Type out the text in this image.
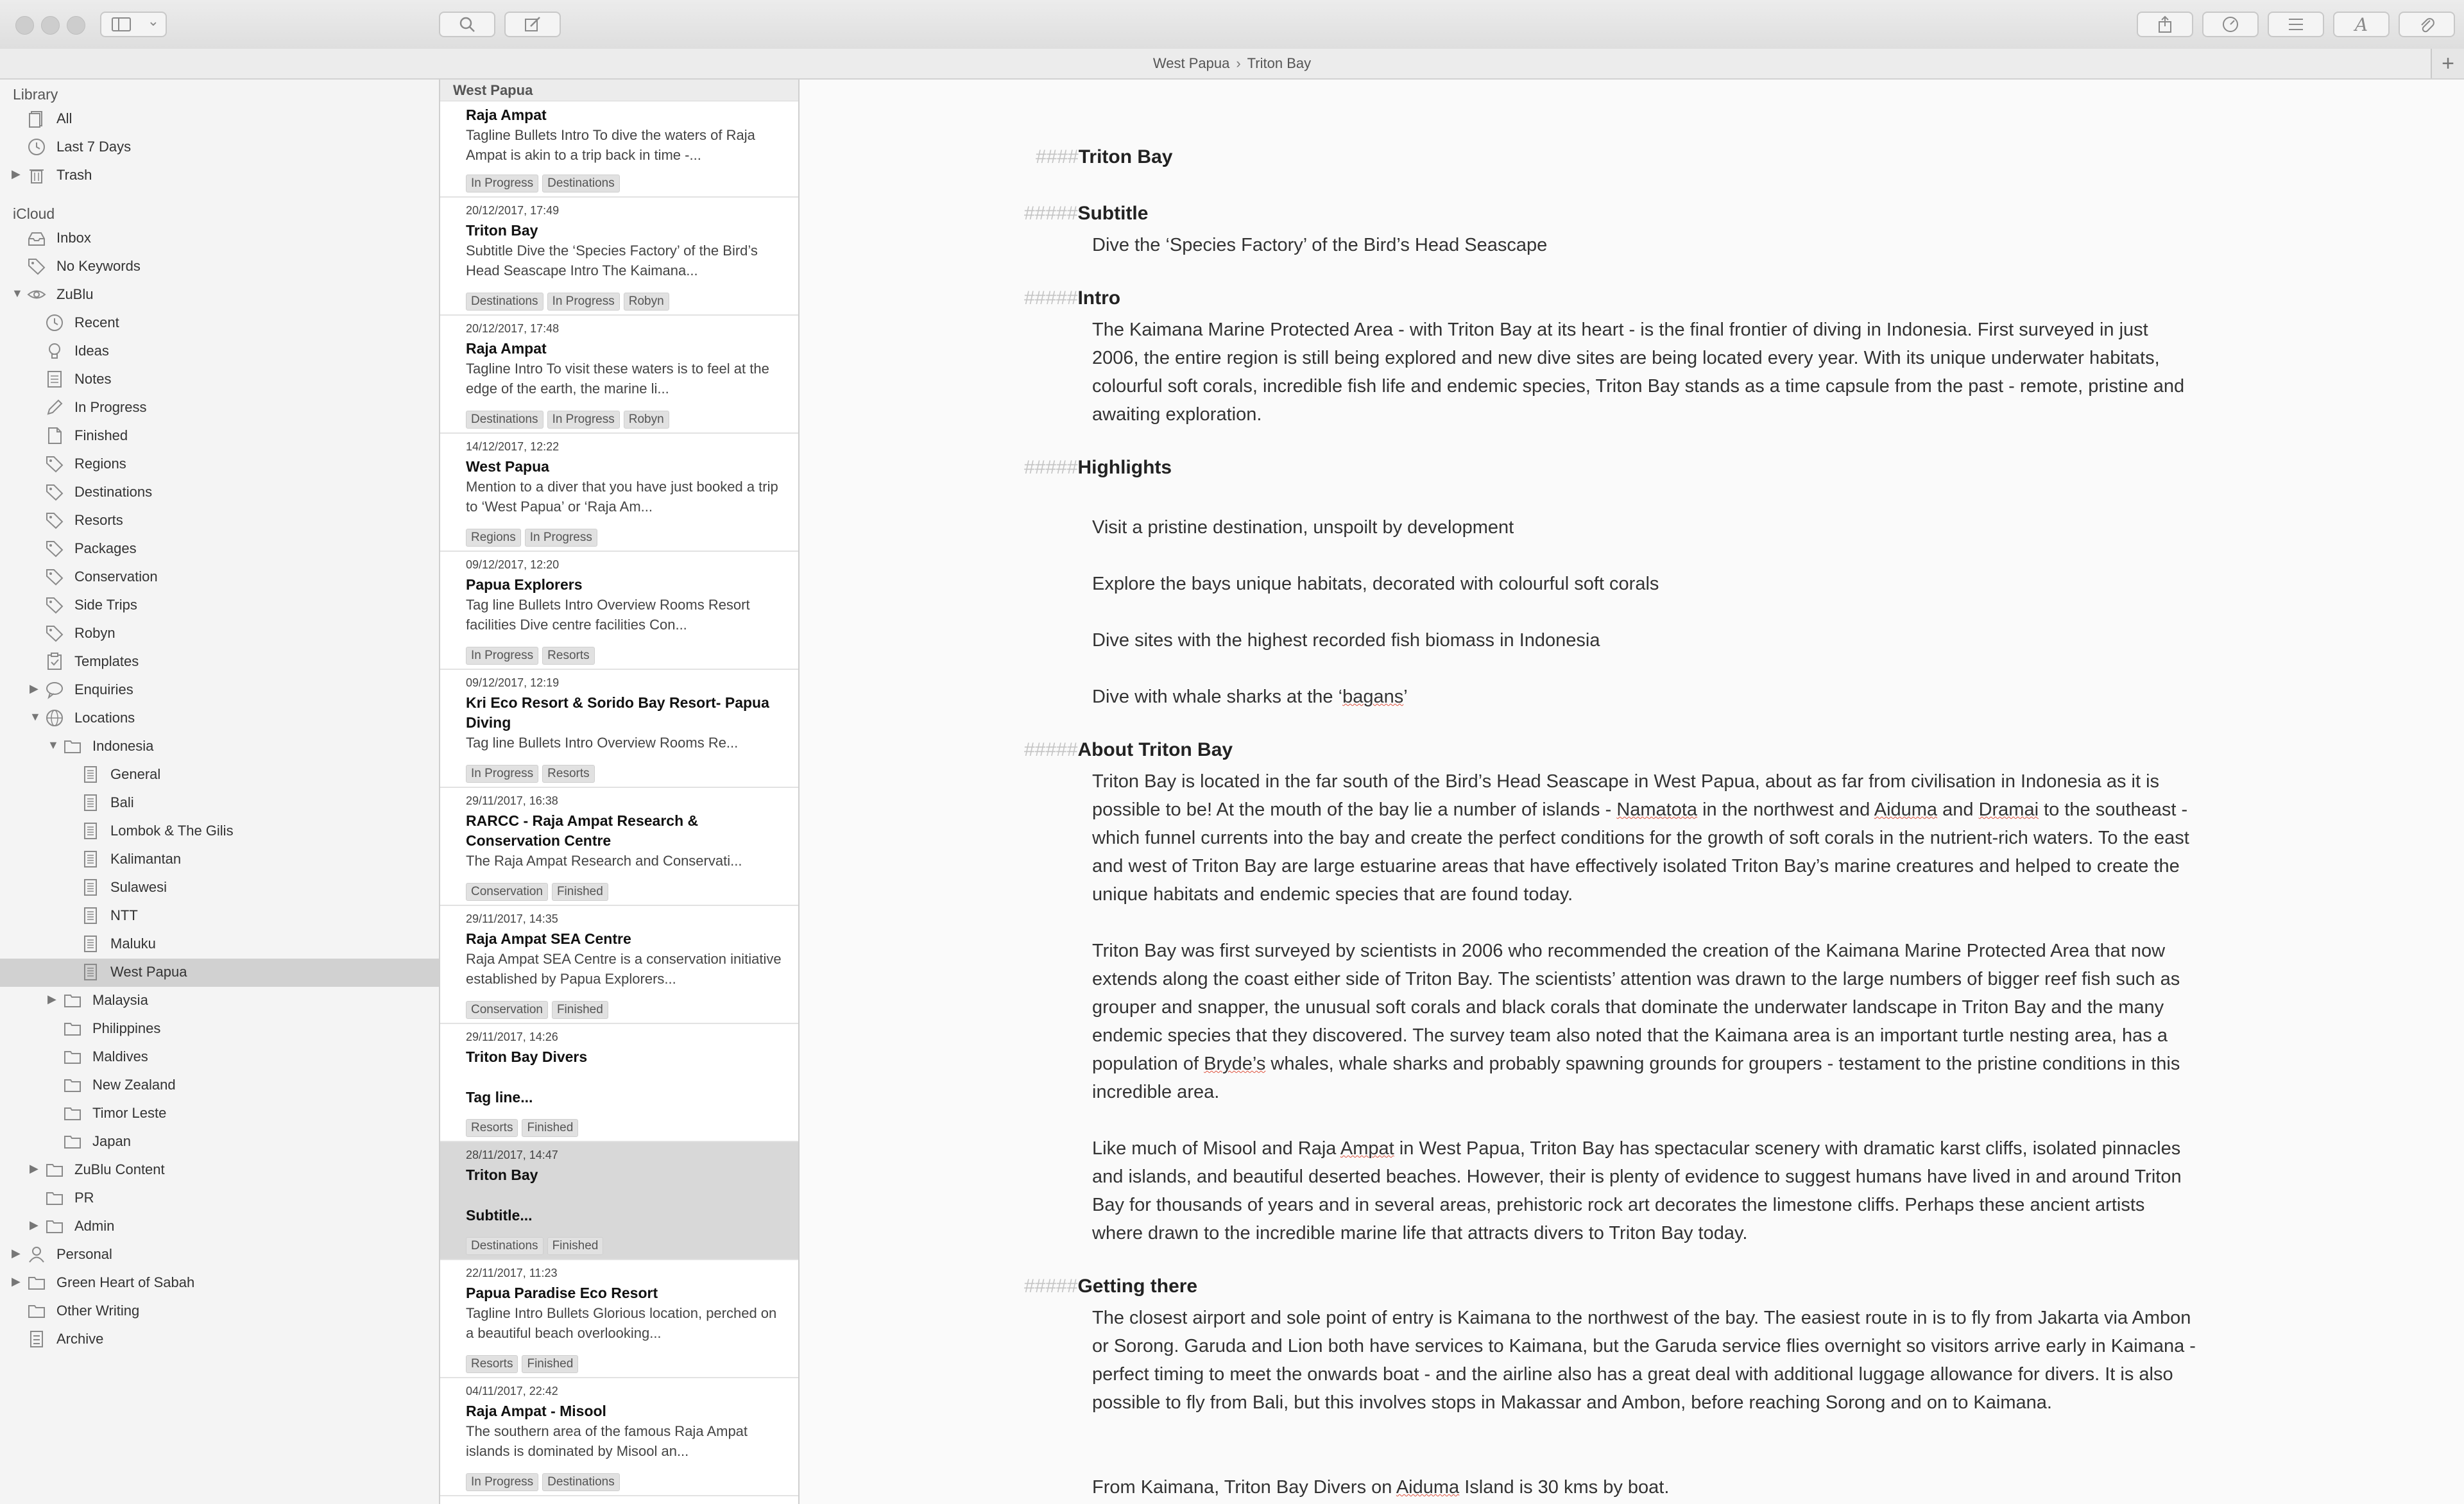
⌄	A
West Papua › Triton Bay	+
Library
iCloud
All
Last 7 Days
▶	Trash
Inbox
No Keywords
▼ ZuBlu
Recent
Ideas
Notes
In Progress
Finished
Regions
Destinations
Resorts
Packages
Conservation
Side Trips
Robyn
Templates
▶	Enquiries
▼ Locations
▼ Indonesia
General
Bali
Lombok & The Gilis
Kalimantan
Sulawesi
NTT
Maluku
West Papua
▶	Malaysia
Philippines
Maldives
New Zealand
Timor Leste
Japan
▶	ZuBlu Content
PR
▶	Admin
▶	Personal
▶	Green Heart of Sabah
Other Writing
Archive
West Papua
Raja Ampat
Tagline Bullets Intro To dive the waters of Raja Ampat is akin to a trip back in time -...
In Progress	Destinations
20/12/2017, 17:49
Triton Bay
Subtitle Dive the ‘Species Factory’ of the Bird’s Head Seascape Intro The Kaimana...
Destinations	In Progress	Robyn
20/12/2017, 17:48
Raja Ampat
Tagline Intro To visit these waters is to feel at the edge of the earth, the marine li...
Destinations	In Progress	Robyn
14/12/2017, 12:22
West Papua
Mention to a diver that you have just booked a trip to ‘West Papua’ or ‘Raja Am...
Regions	In Progress
09/12/2017, 12:20
Papua Explorers
Tag line Bullets Intro Overview Rooms Resort facilities Dive centre facilities Con...
In Progress	Resorts
09/12/2017, 12:19
Kri Eco Resort & Sorido Bay Resort- Papua Diving
Tag line Bullets Intro Overview Rooms Re...
In Progress	Resorts
29/11/2017, 16:38
RARCC - Raja Ampat Research & Conservation Centre
The Raja Ampat Research and Conservati...
Conservation	Finished
29/11/2017, 14:35
Raja Ampat SEA Centre
Raja Ampat SEA Centre is a conservation initiative established by Papua Explorers...
Conservation	Finished
29/11/2017, 14:26
Triton Bay Divers
Tag line...
Resorts	Finished
28/11/2017, 14:47
Triton Bay
Subtitle...
Destinations	Finished
22/11/2017, 11:23
Papua Paradise Eco Resort
Tagline Intro Bullets Glorious location, perched on a beautiful beach overlooking...
Resorts	Finished
04/11/2017, 22:42
Raja Ampat - Misool
The southern area of the famous Raja Ampat islands is dominated by Misool an...
In Progress	Destinations
####Triton Bay
#####Subtitle
Dive the ‘Species Factory’ of the Bird’s Head Seascape
#####Intro
The Kaimana Marine Protected Area - with Triton Bay at its heart - is the final frontier of diving in Indonesia. First surveyed in just 2006, the entire region is still being explored and new dive sites are being located every year. With its unique underwater habitats, colourful soft corals, incredible fish life and endemic species, Triton Bay stands as a time capsule from the past - remote, pristine and awaiting exploration.
#####Highlights
Visit a pristine destination, unspoilt by development
Explore the bays unique habitats, decorated with colourful soft corals
Dive sites with the highest recorded fish biomass in Indonesia
Dive with whale sharks at the ‘bagans’
#####About Triton Bay
Triton Bay is located in the far south of the Bird’s Head Seascape in West Papua, about as far from civilisation in Indonesia as it is possible to be! At the mouth of the bay lie a number of islands - Namatota in the northwest and Aiduma and Dramai to the southeast - which funnel currents into the bay and create the perfect conditions for the growth of soft corals in the nutrient-rich waters. To the east and west of Triton Bay are large estuarine areas that have effectively isolated Triton Bay’s marine creatures and helped to create the unique habitats and endemic species that are found today.
Triton Bay was first surveyed by scientists in 2006 who recommended the creation of the Kaimana Marine Protected Area that now extends along the coast either side of Triton Bay. The scientists’ attention was drawn to the large numbers of bigger reef fish such as grouper and snapper, the unusual soft corals and black corals that dominate the underwater landscape in Triton Bay and the many endemic species that they discovered. The survey team also noted that the Kaimana area is an important turtle nesting area, has a population of Bryde’s whales, whale sharks and probably spawning grounds for groupers - testament to the pristine conditions in this incredible area.
Like much of Misool and Raja Ampat in West Papua, Triton Bay has spectacular scenery with dramatic karst cliffs, isolated pinnacles and islands, and beautiful deserted beaches. However, their is plenty of evidence to suggest humans have lived in and around Triton Bay for thousands of years and in several areas, prehistoric rock art decorates the limestone cliffs. Perhaps these ancient artists where drawn to the incredible marine life that attracts divers to Triton Bay today.
#####Getting there
The closest airport and sole point of entry is Kaimana to the northwest of the bay. The easiest route in is to fly from Jakarta via Ambon or Sorong. Garuda and Lion both have services to Kaimana, but the Garuda service flies overnight so visitors arrive early in Kaimana - perfect timing to meet the onwards boat - and the airline also has a great deal with additional luggage allowance for divers. It is also possible to fly from Bali, but this involves stops in Makassar and Ambon, before reaching Sorong and on to Kaimana.
From Kaimana, Triton Bay Divers on Aiduma Island is 30 kms by boat.
